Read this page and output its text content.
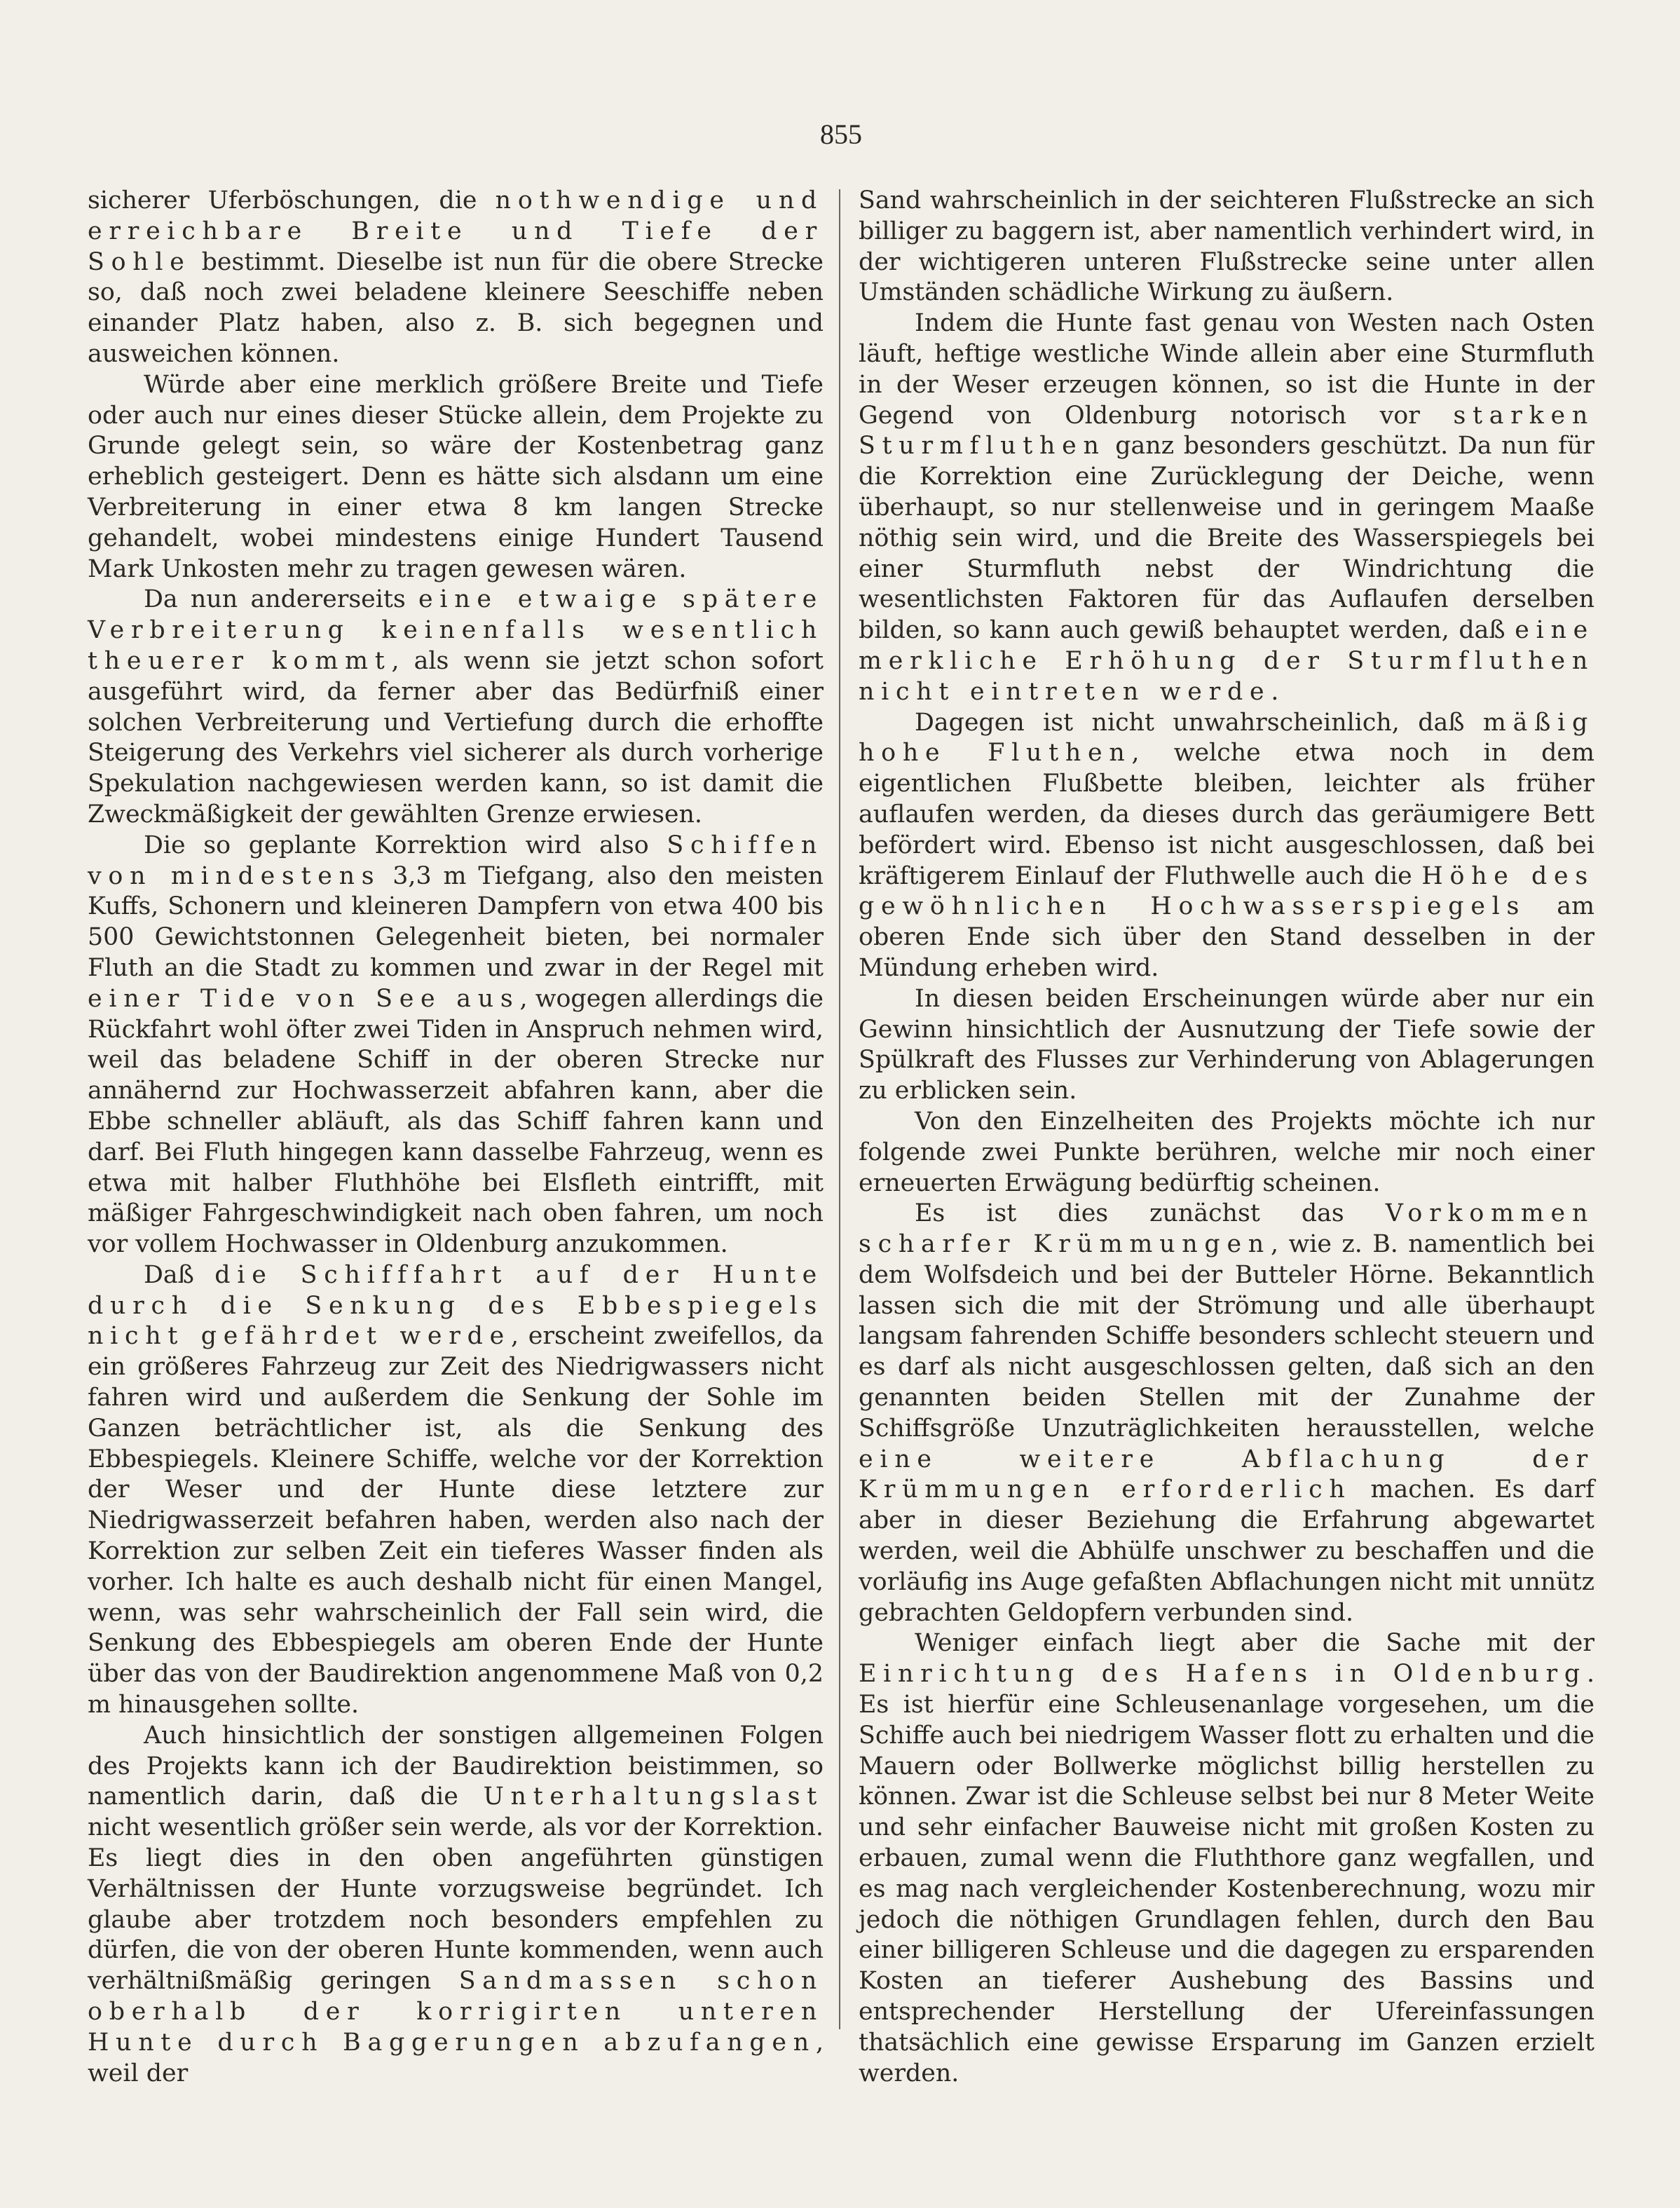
855

sicherer Uferböschungen, die nothwendige und erreichbare Breite und Tiefe der Sohle bestimmt. Dieselbe ist nun für die obere Strecke so, daß noch zwei beladene kleinere Seeschiffe neben einander Platz haben, also z. B. sich begegnen und ausweichen können.

Würde aber eine merklich größere Breite und Tiefe oder auch nur eines dieser Stücke allein, dem Projekte zu Grunde gelegt sein, so wäre der Kostenbetrag ganz erheblich gesteigert. Denn es hätte sich alsdann um eine Verbreiterung in einer etwa 8 km langen Strecke gehandelt, wobei mindestens einige Hundert Tausend Mark Unkosten mehr zu tragen gewesen wären.

Da nun andererseits eine etwaige spätere Verbreiterung keinenfalls wesentlich theuerer kommt, als wenn sie jetzt schon sofort ausgeführt wird, da ferner aber das Bedürfniß einer solchen Verbreiterung und Vertiefung durch die erhoffte Steigerung des Verkehrs viel sicherer als durch vorherige Spekulation nachgewiesen werden kann, so ist damit die Zweckmäßigkeit der gewählten Grenze erwiesen.

Die so geplante Korrektion wird also Schiffen von mindestens 3,3 m Tiefgang, also den meisten Kuffs, Schonern und kleineren Dampfern von etwa 400 bis 500 Gewichtstonnen Gelegenheit bieten, bei normaler Fluth an die Stadt zu kommen und zwar in der Regel mit einer Tide von See aus, wogegen allerdings die Rückfahrt wohl öfter zwei Tiden in Anspruch nehmen wird, weil das beladene Schiff in der oberen Strecke nur annähernd zur Hochwasserzeit abfahren kann, aber die Ebbe schneller abläuft, als das Schiff fahren kann und darf. Bei Fluth hingegen kann dasselbe Fahrzeug, wenn es etwa mit halber Fluthhöhe bei Elsfleth eintrifft, mit mäßiger Fahrgeschwindigkeit nach oben fahren, um noch vor vollem Hochwasser in Oldenburg anzukommen.

Daß die Schifffahrt auf der Hunte durch die Senkung des Ebbespiegels nicht gefährdet werde, erscheint zweifellos, da ein größeres Fahrzeug zur Zeit des Niedrigwassers nicht fahren wird und außerdem die Senkung der Sohle im Ganzen beträchtlicher ist, als die Senkung des Ebbespiegels. Kleinere Schiffe, welche vor der Korrektion der Weser und der Hunte diese letztere zur Niedrigwasserzeit befahren haben, werden also nach der Korrektion zur selben Zeit ein tieferes Wasser finden als vorher. Ich halte es auch deshalb nicht für einen Mangel, wenn, was sehr wahrscheinlich der Fall sein wird, die Senkung des Ebbespiegels am oberen Ende der Hunte über das von der Baudirektion angenommene Maß von 0,2 m hinausgehen sollte.

Auch hinsichtlich der sonstigen allgemeinen Folgen des Projekts kann ich der Baudirektion beistimmen, so namentlich darin, daß die Unterhaltungslast nicht wesentlich größer sein werde, als vor der Korrektion. Es liegt dies in den oben angeführten günstigen Verhältnissen der Hunte vorzugsweise begründet. Ich glaube aber trotzdem noch besonders empfehlen zu dürfen, die von der oberen Hunte kommenden, wenn auch verhältnißmäßig geringen Sandmassen schon oberhalb der korrigirten unteren Hunte durch Baggerungen abzufangen, weil der

Sand wahrscheinlich in der seichteren Flußstrecke an sich billiger zu baggern ist, aber namentlich verhindert wird, in der wichtigeren unteren Flußstrecke seine unter allen Umständen schädliche Wirkung zu äußern.

Indem die Hunte fast genau von Westen nach Osten läuft, heftige westliche Winde allein aber eine Sturmfluth in der Weser erzeugen können, so ist die Hunte in der Gegend von Oldenburg notorisch vor starken Sturmfluthen ganz besonders geschützt. Da nun für die Korrektion eine Zurücklegung der Deiche, wenn überhaupt, so nur stellenweise und in geringem Maaße nöthig sein wird, und die Breite des Wasserspiegels bei einer Sturmfluth nebst der Windrichtung die wesentlichsten Faktoren für das Auflaufen derselben bilden, so kann auch gewiß behauptet werden, daß eine merkliche Erhöhung der Sturmfluthen nicht eintreten werde.

Dagegen ist nicht unwahrscheinlich, daß mäßig hohe Fluthen, welche etwa noch in dem eigentlichen Flußbette bleiben, leichter als früher auflaufen werden, da dieses durch das geräumigere Bett befördert wird. Ebenso ist nicht ausgeschlossen, daß bei kräftigerem Einlauf der Fluthwelle auch die Höhe des gewöhnlichen Hochwasserspiegels am oberen Ende sich über den Stand desselben in der Mündung erheben wird.

In diesen beiden Erscheinungen würde aber nur ein Gewinn hinsichtlich der Ausnutzung der Tiefe sowie der Spülkraft des Flusses zur Verhinderung von Ablagerungen zu erblicken sein.

Von den Einzelheiten des Projekts möchte ich nur folgende zwei Punkte berühren, welche mir noch einer erneuerten Erwägung bedürftig scheinen.

Es ist dies zunächst das Vorkommen scharfer Krümmungen, wie z. B. namentlich bei dem Wolfsdeich und bei der Butteler Hörne. Bekanntlich lassen sich die mit der Strömung und alle überhaupt langsam fahrenden Schiffe besonders schlecht steuern und es darf als nicht ausgeschlossen gelten, daß sich an den genannten beiden Stellen mit der Zunahme der Schiffsgröße Unzuträglichkeiten herausstellen, welche eine weitere Abflachung der Krümmungen erforderlich machen. Es darf aber in dieser Beziehung die Erfahrung abgewartet werden, weil die Abhülfe unschwer zu beschaffen und die vorläufig ins Auge gefaßten Abflachungen nicht mit unnütz gebrachten Geldopfern verbunden sind.

Weniger einfach liegt aber die Sache mit der Einrichtung des Hafens in Oldenburg. Es ist hierfür eine Schleusenanlage vorgesehen, um die Schiffe auch bei niedrigem Wasser flott zu erhalten und die Mauern oder Bollwerke möglichst billig herstellen zu können. Zwar ist die Schleuse selbst bei nur 8 Meter Weite und sehr einfacher Bauweise nicht mit großen Kosten zu erbauen, zumal wenn die Fluththore ganz wegfallen, und es mag nach vergleichender Kostenberechnung, wozu mir jedoch die nöthigen Grundlagen fehlen, durch den Bau einer billigeren Schleuse und die dagegen zu ersparenden Kosten an tieferer Aushebung des Bassins und entsprechender Herstellung der Ufereinfassungen thatsächlich eine gewisse Ersparung im Ganzen erzielt werden.
